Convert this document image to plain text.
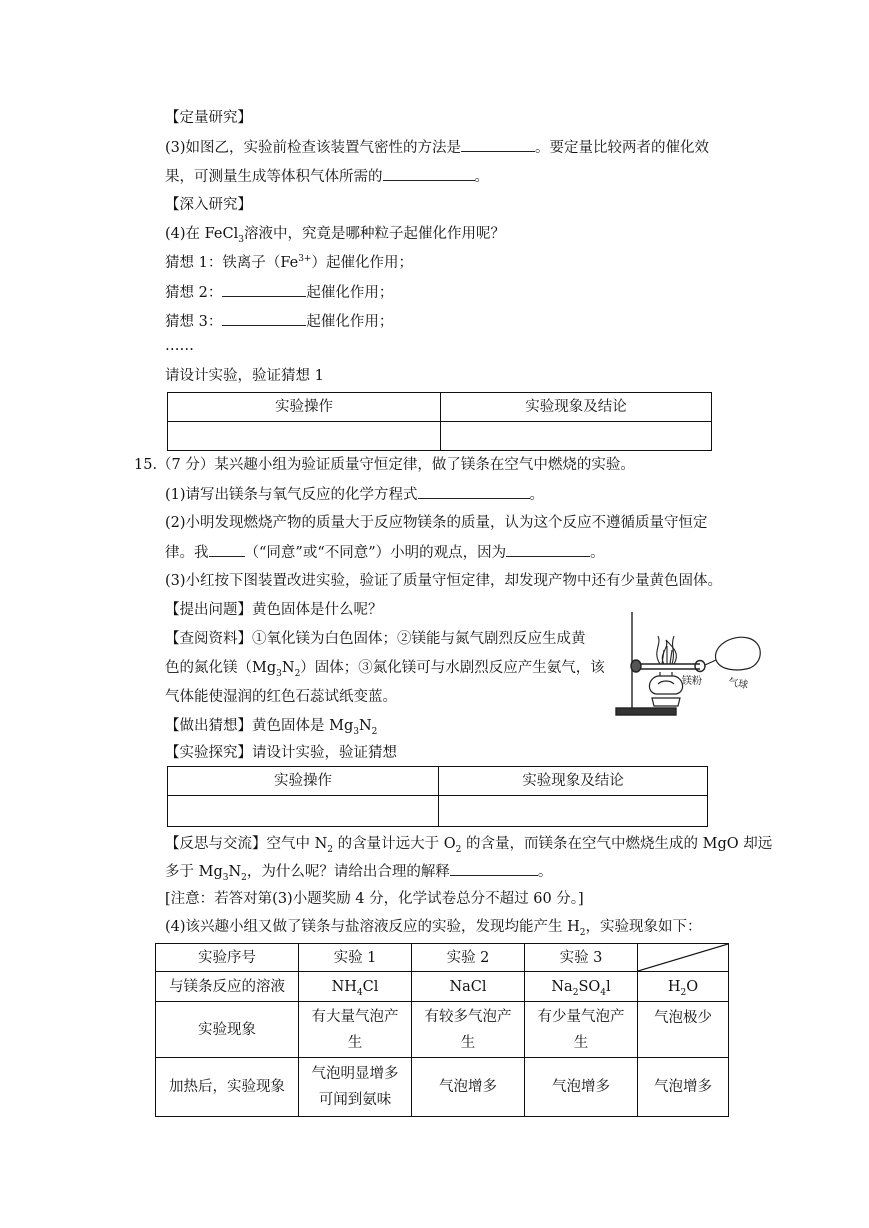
【定量研究】
(3)如图乙，实验前检查该装置气密性的方法是	。要定量比较两者的催化效
果，可测量生成等体积气体所需的	。
【深入研究】
(4)在 FeCl$_3$溶液中，究竟是哪种粒子起催化作用呢？
猜想 1：铁离子$(Fe^{3+})$起催化作用；
猜想 2：	起催化作用；
猜想 3：	起催化作用；
……
请设计实验，验证猜想 1
实验操作	实验现象及结论

15.（7 分）某兴趣小组为验证质量守恒定律，做了镁条在空气中燃烧的实验。
(1)请写出镁条与氧气反应的化学方程式	。
(2)小明发现燃烧产物的质量大于反应物镁条的质量，认为这个反应不遵循质量守恒定
律。我 （“同意”或“不同意”）小明的观点，因为	。
(3)小红按下图装置改进实验，验证了质量守恒定律，却发现产物中还有少量黄色固体。
【提出问题】黄色固体是什么呢？
【查阅资料】①氧化镁为白色固体；②镁能与氮气剧烈反应生成黄
色的氮化镁$(Mg_3N_2)$固体；③氮化镁可与水剧烈反应产生氨气，该
气体能使湿润的红色石蕊试纸变蓝。
【做出猜想】黄色固体是 $Mg_3N_2$
【实验探究】请设计实验，验证猜想
镁粉	气球
实验操作	实验现象及结论

【反思与交流】空气中 $N_2$ 的含量计远大于 $O_2$ 的含量，而镁条在空气中燃烧生成的 MgO 却远
多于 $Mg_3N_2$，为什么呢？请给出合理的解释	。
[注意：若答对第(3)小题奖励 4 分，化学试卷总分不超过 60 分。]
(4)该兴趣小组又做了镁条与盐溶液反应的实验，发现均能产生 $H_2$，实验现象如下：
实验序号	实验 1	实验 2	实验 3	

与镁条反应的溶液	$NH_4Cl$	NaCl	$Na_2SO_4l$	$H_2O$
实验现象	有大量气泡产生	有较多气泡产生	有少量气泡产生	气泡极少
加热后，实验现象	气泡明显增多
可闻到氨味	气泡增多	气泡增多	气泡增多
